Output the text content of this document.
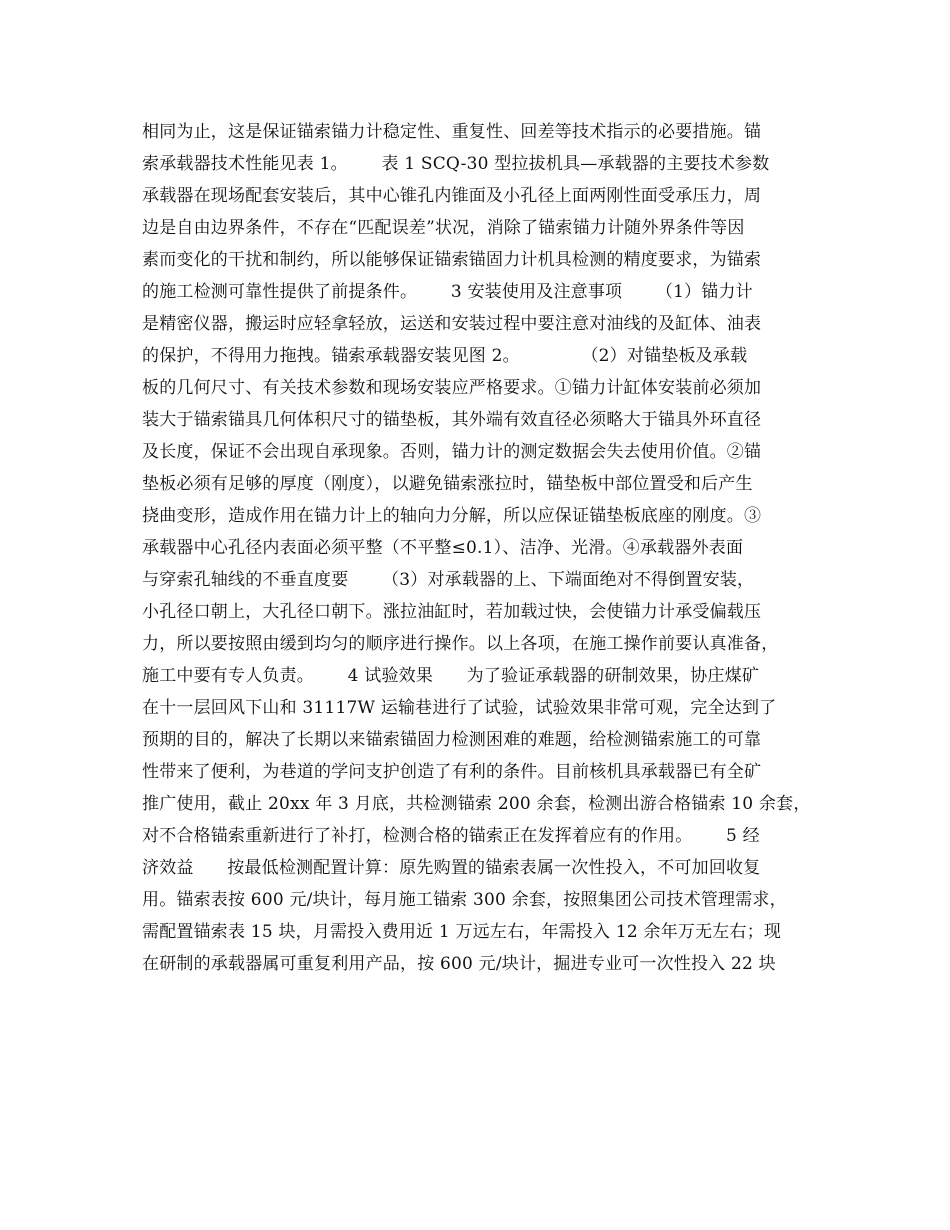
相同为止，这是保证锚索锚力计稳定性、重复性、回差等技术指示的必要措施。锚
索承载器技术性能见表 1。      表 1 SCQ-30 型拉拔机具—承载器的主要技术参数
承载器在现场配套安装后，其中心锥孔内锥面及小孔径上面两刚性面受承压力，周
边是自由边界条件，不存在“匹配误差”状况，消除了锚索锚力计随外界条件等因
素而变化的干扰和制约，所以能够保证锚索锚固力计机具检测的精度要求，为锚索
的施工检测可靠性提供了前提条件。      3 安装使用及注意事项      （1）锚力计
是精密仪器，搬运时应轻拿轻放，运送和安装过程中要注意对油线的及缸体、油表
的保护，不得用力拖拽。锚索承载器安装见图 2。           （2）对锚垫板及承载
板的几何尺寸、有关技术参数和现场安装应严格要求。①锚力计缸体安装前必须加
装大于锚索锚具几何体积尺寸的锚垫板，其外端有效直径必须略大于锚具外环直径
及长度，保证不会出现自承现象。否则，锚力计的测定数据会失去使用价值。②锚
垫板必须有足够的厚度（刚度），以避免锚索涨拉时，锚垫板中部位置受和后产生
挠曲变形，造成作用在锚力计上的轴向力分解，所以应保证锚垫板底座的刚度。③
承载器中心孔径内表面必须平整（不平整≤0.1）、洁净、光滑。④承载器外表面
与穿索孔轴线的不垂直度要      （3）对承载器的上、下端面绝对不得倒置安装，
小孔径口朝上，大孔径口朝下。涨拉油缸时，若加载过快，会使锚力计承受偏载压
力，所以要按照由缓到均匀的顺序进行操作。以上各项，在施工操作前要认真准备，
施工中要有专人负责。      4 试验效果      为了验证承载器的研制效果，协庄煤矿
在十一层回风下山和 31117W 运输巷进行了试验，试验效果非常可观，完全达到了
预期的目的，解决了长期以来锚索锚固力检测困难的难题，给检测锚索施工的可靠
性带来了便利，为巷道的学问支护创造了有利的条件。目前核机具承载器已有全矿
推广使用，截止 20xx 年 3 月底，共检测锚索 200 余套，检测出游合格锚索 10 余套，
对不合格锚索重新进行了补打，检测合格的锚索正在发挥着应有的作用。      5 经
济效益      按最低检测配置计算：原先购置的锚索表属一次性投入，不可加回收复
用。锚索表按 600 元/块计，每月施工锚索 300 余套，按照集团公司技术管理需求，
需配置锚索表 15 块，月需投入费用近 1 万远左右，年需投入 12 余年万无左右；现
在研制的承载器属可重复利用产品，按 600 元/块计，掘进专业可一次性投入 22 块
